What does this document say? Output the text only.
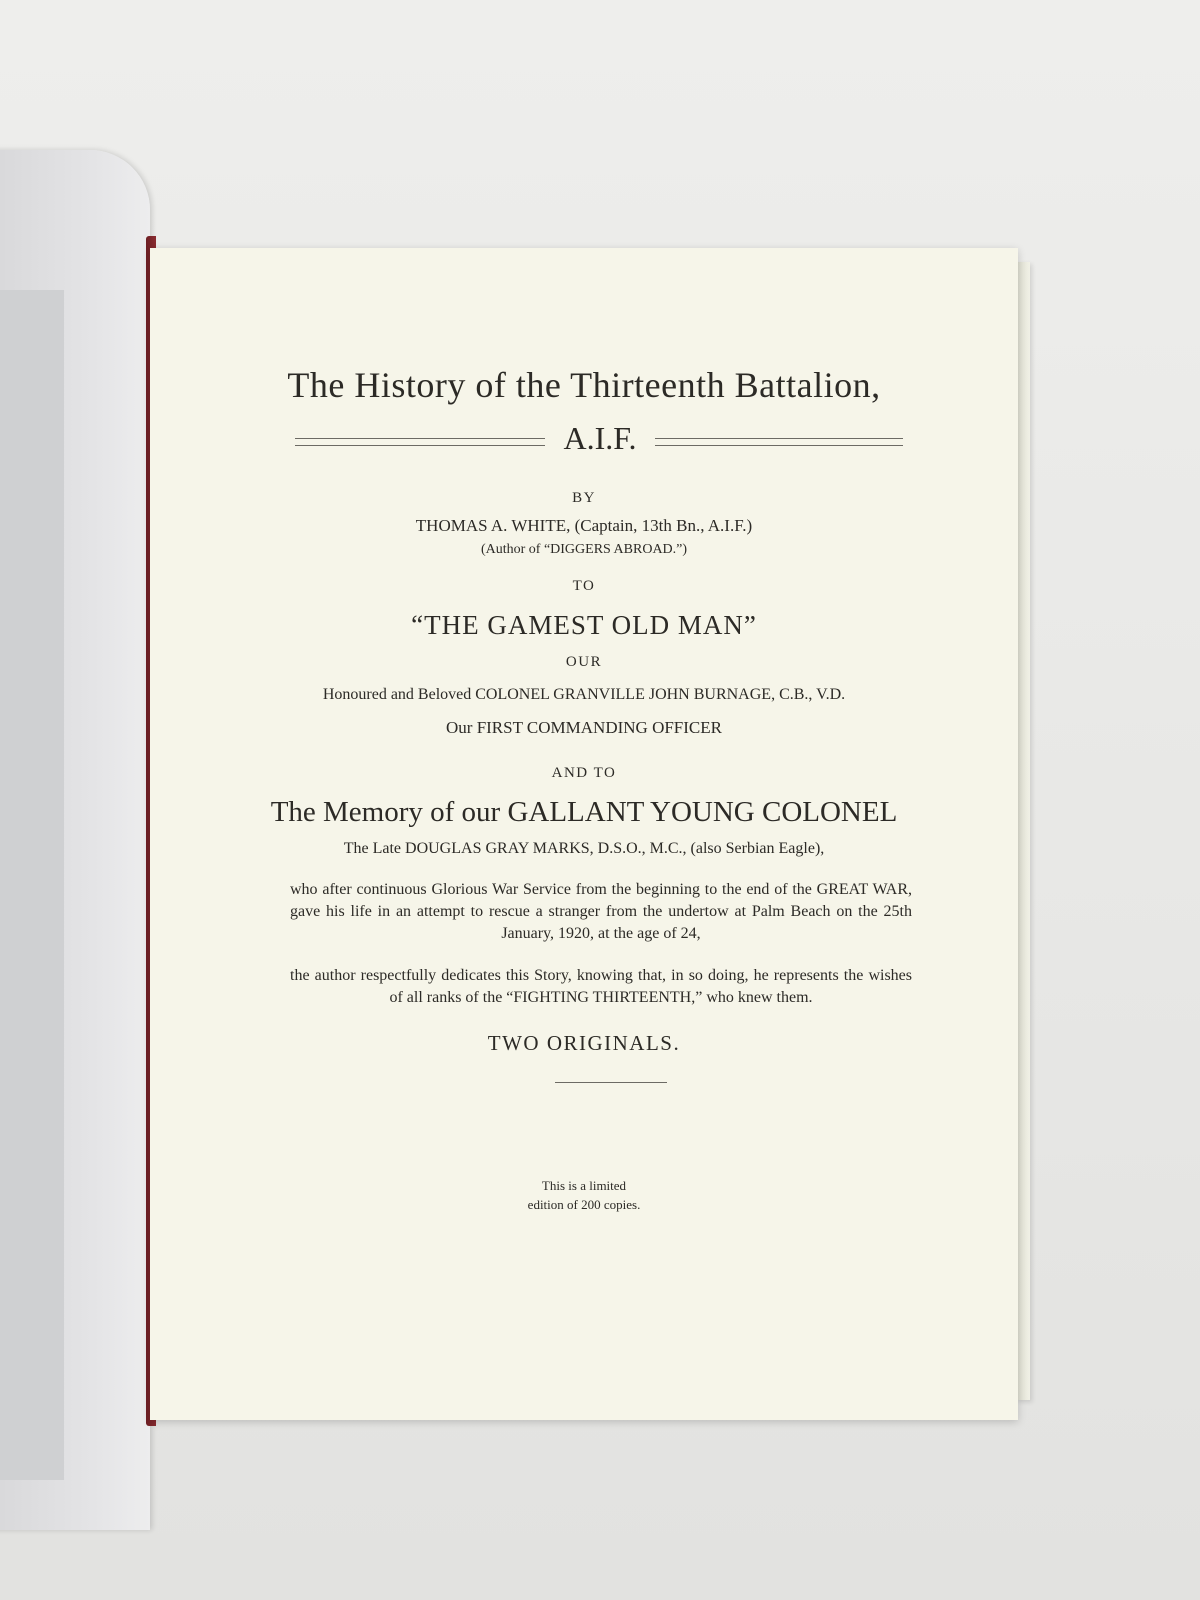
The History of the Thirteenth Battalion,
A.I.F.
BY
THOMAS A. WHITE, (Captain, 13th Bn., A.I.F.)
(Author of “DIGGERS ABROAD.”)
TO
“THE GAMEST OLD MAN”
OUR
Honoured and Beloved COLONEL GRANVILLE JOHN BURNAGE, C.B., V.D.
Our FIRST COMMANDING OFFICER
AND TO
The Memory of our GALLANT YOUNG COLONEL
The Late DOUGLAS GRAY MARKS, D.S.O., M.C., (also Serbian Eagle),
who after continuous Glorious War Service from the beginning to the end of the GREAT WAR, gave his life in an attempt to rescue a stranger from the undertow at Palm Beach on the 25th January, 1920, at the age of 24,
the author respectfully dedicates this Story, knowing that, in so doing, he represents the wishes of all ranks of the “FIGHTING THIRTEENTH,” who knew them.
TWO ORIGINALS.
This is a limited
edition of 200 copies.
